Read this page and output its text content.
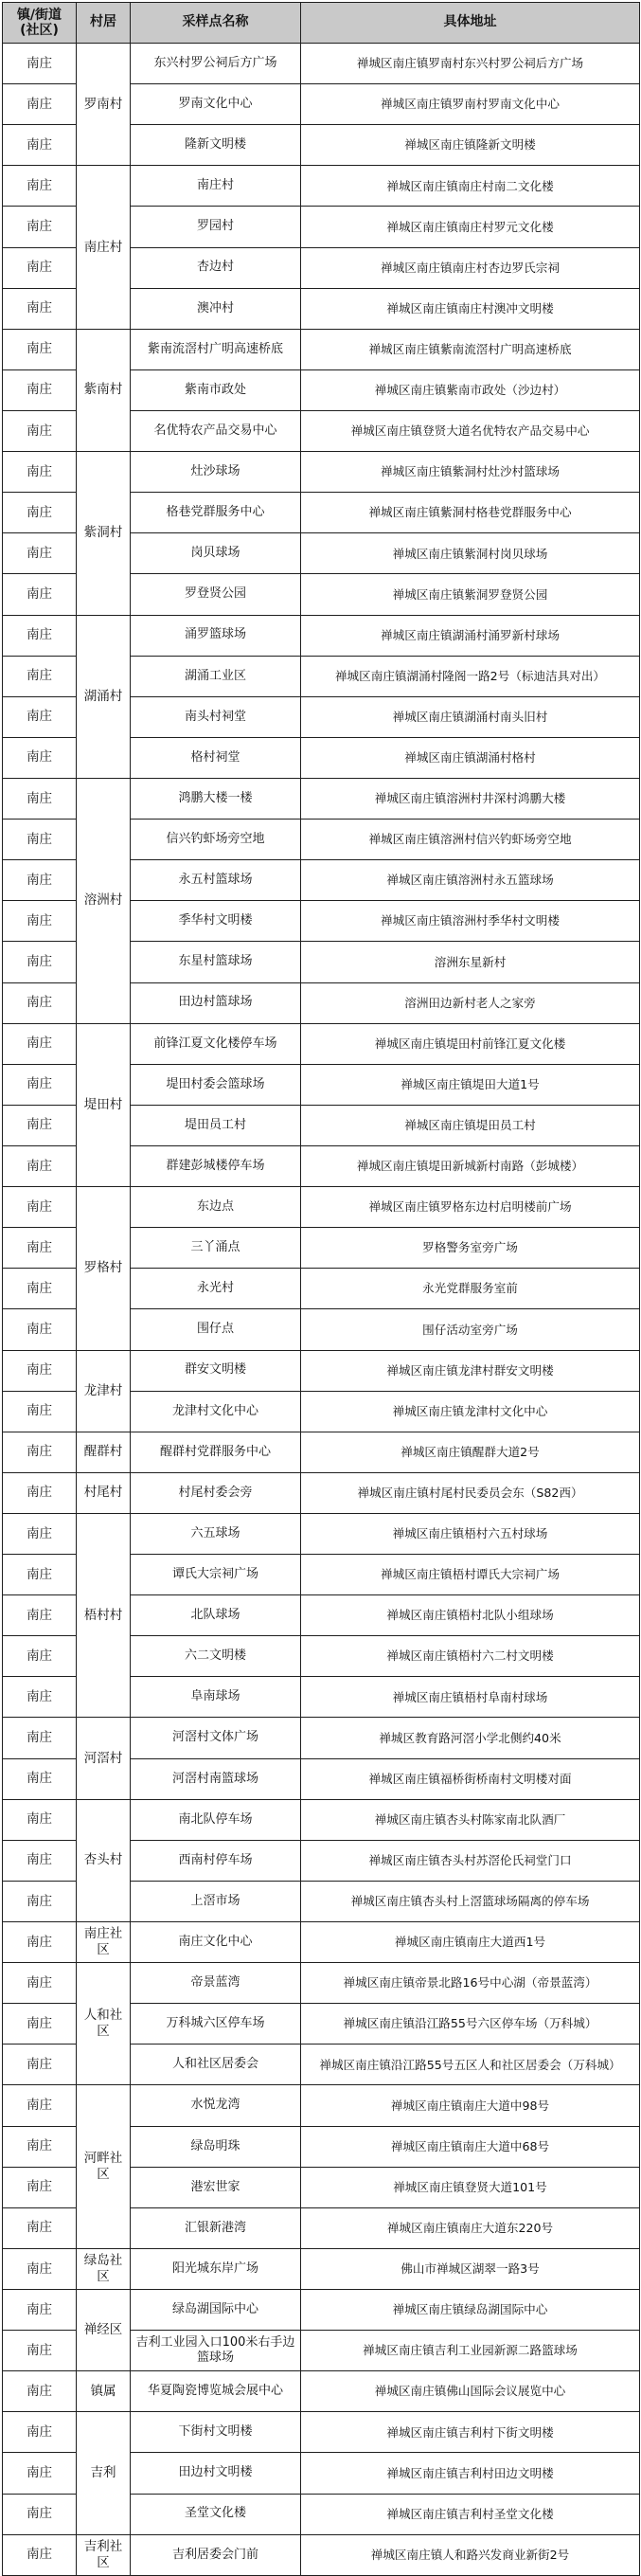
镇/街道
(社区)	村居	采样点名称	具体地址
南庄	罗南村	东兴村罗公祠后方广场	禅城区南庄镇罗南村东兴村罗公祠后方广场
南庄		罗南文化中心	禅城区南庄镇罗南村罗南文化中心
南庄		隆新文明楼	禅城区南庄镇隆新文明楼
南庄	南庄村	南庄村	禅城区南庄镇南庄村南二文化楼
南庄		罗园村	禅城区南庄镇南庄村罗元文化楼
南庄		杏边村	禅城区南庄镇南庄村杏边罗氏宗祠
南庄		澳冲村	禅城区南庄镇南庄村澳冲文明楼
南庄	紫南村	紫南流滘村广明高速桥底	禅城区南庄镇紫南流滘村广明高速桥底
南庄		紫南市政处	禅城区南庄镇紫南市政处（沙边村）
南庄		名优特农产品交易中心	禅城区南庄镇登贤大道名优特农产品交易中心
南庄	紫洞村	灶沙球场	禅城区南庄镇紫洞村灶沙村篮球场
南庄		格巷党群服务中心	禅城区南庄镇紫洞村格巷党群服务中心
南庄		岗贝球场	禅城区南庄镇紫洞村岗贝球场
南庄		罗登贤公园	禅城区南庄镇紫洞罗登贤公园
南庄	湖涌村	涌罗篮球场	禅城区南庄镇湖涌村涌罗新村球场
南庄		湖涌工业区	禅城区南庄镇湖涌村隆阁一路2号（标迪洁具对出）
南庄		南头村祠堂	禅城区南庄镇湖涌村南头旧村
南庄		格村祠堂	禅城区南庄镇湖涌村格村
南庄	溶洲村	鸿鹏大楼一楼	禅城区南庄镇溶洲村井深村鸿鹏大楼
南庄		信兴钓虾场旁空地	禅城区南庄镇溶洲村信兴钓虾场旁空地
南庄		永五村篮球场	禅城区南庄镇溶洲村永五篮球场
南庄		季华村文明楼	禅城区南庄镇溶洲村季华村文明楼
南庄		东星村篮球场	溶洲东星新村
南庄		田边村篮球场	溶洲田边新村老人之家旁
南庄	堤田村	前锋江夏文化楼停车场	禅城区南庄镇堤田村前锋江夏文化楼
南庄		堤田村委会篮球场	禅城区南庄镇堤田大道1号
南庄		堤田员工村	禅城区南庄镇堤田员工村
南庄		群建彭城楼停车场	禅城区南庄镇堤田新城新村南路（彭城楼）
南庄	罗格村	东边点	禅城区南庄镇罗格东边村启明楼前广场
南庄		三丫涌点	罗格警务室旁广场
南庄		永光村	永光党群服务室前
南庄		围仔点	围仔活动室旁广场
南庄	龙津村	群安文明楼	禅城区南庄镇龙津村群安文明楼
南庄		龙津村文化中心	禅城区南庄镇龙津村文化中心
南庄	醒群村	醒群村党群服务中心	禅城区南庄镇醒群大道2号
南庄	村尾村	村尾村委会旁	禅城区南庄镇村尾村民委员会东（S82西）
南庄	梧村村	六五球场	禅城区南庄镇梧村六五村球场
南庄		谭氏大宗祠广场	禅城区南庄镇梧村谭氏大宗祠广场
南庄		北队球场	禅城区南庄镇梧村北队小组球场
南庄		六二文明楼	禅城区南庄镇梧村六二村文明楼
南庄		阜南球场	禅城区南庄镇梧村阜南村球场
南庄	河滘村	河滘村文体广场	禅城区教育路河滘小学北侧约40米
南庄		河滘村南篮球场	禅城区南庄镇福桥街桥南村文明楼对面
南庄	杏头村	南北队停车场	禅城区南庄镇杏头村陈家南北队酒厂
南庄		西南村停车场	禅城区南庄镇杏头村苏滘伦氏祠堂门口
南庄		上滘市场	禅城区南庄镇杏头村上滘篮球场隔离的停车场
南庄	南庄社区	南庄文化中心	禅城区南庄镇南庄大道西1号
南庄	人和社区	帝景蓝湾	禅城区南庄镇帝景北路16号中心湖（帝景蓝湾）
南庄		万科城六区停车场	禅城区南庄镇沿江路55号六区停车场（万科城）
南庄		人和社区居委会	禅城区南庄镇沿江路55号五区人和社区居委会（万科城）
南庄	河畔社区	水悦龙湾	禅城区南庄镇南庄大道中98号
南庄		绿岛明珠	禅城区南庄镇南庄大道中68号
南庄		港宏世家	禅城区南庄镇登贤大道101号
南庄		汇银新港湾	禅城区南庄镇南庄大道东220号
南庄	绿岛社区	阳光城东岸广场	佛山市禅城区湖翠一路3号
南庄	禅经区	绿岛湖国际中心	禅城区南庄镇绿岛湖国际中心
南庄		吉利工业园入口100米右手边篮球场	禅城区南庄镇吉利工业园新源二路篮球场
南庄	镇属	华夏陶瓷博览城会展中心	禅城区南庄镇佛山国际会议展览中心
南庄	吉利	下街村文明楼	禅城区南庄镇吉利村下街文明楼
南庄		田边村文明楼	禅城区南庄镇吉利村田边文明楼
南庄		圣堂文化楼	禅城区南庄镇吉利村圣堂文化楼
南庄	吉利社区	吉利居委会门前	禅城区南庄镇人和路兴发商业新街2号
